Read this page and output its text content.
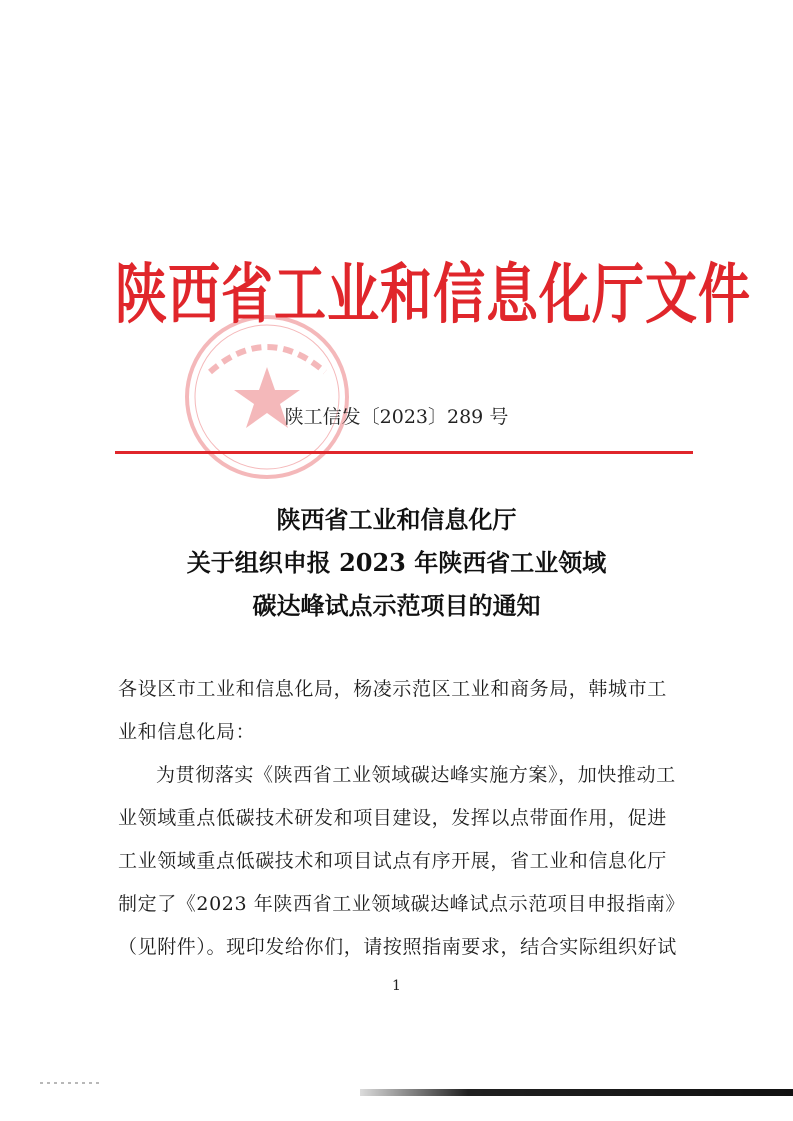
陕西省工业和信息化厅文件
陕工信发〔2023〕289 号
陕西省工业和信息化厅
关于组织申报 2023 年陕西省工业领域
碳达峰试点示范项目的通知
各设区市工业和信息化局，杨凌示范区工业和商务局，韩城市工
业和信息化局：
为贯彻落实《陕西省工业领域碳达峰实施方案》，加快推动工
业领域重点低碳技术研发和项目建设，发挥以点带面作用，促进
工业领域重点低碳技术和项目试点有序开展，省工业和信息化厅
制定了《2023 年陕西省工业领域碳达峰试点示范项目申报指南》
（见附件）。现印发给你们，请按照指南要求，结合实际组织好试
1
